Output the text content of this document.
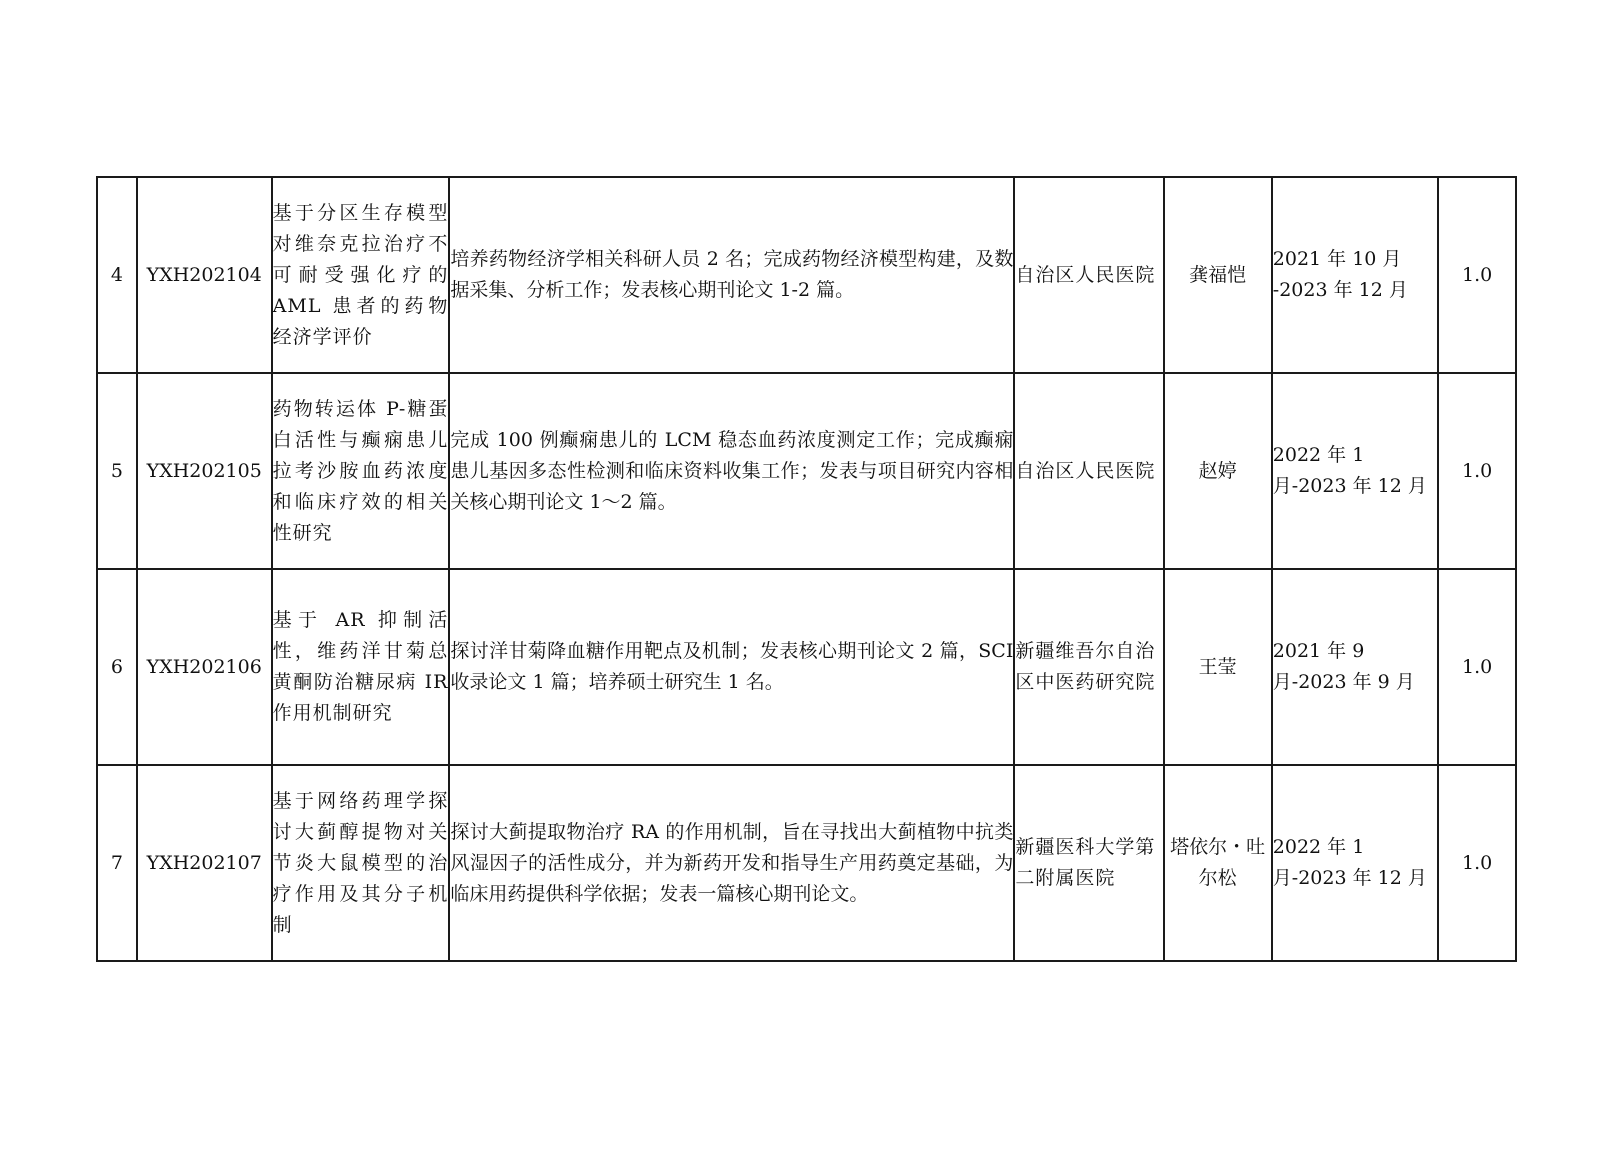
4	YXH202104	基于分区生存模型对维奈克拉治疗不可耐受强化疗的 AML 患者的药物经济学评价	培养药物经济学相关科研人员 2 名；完成药物经济模型构建，及数据采集、分析工作；发表核心期刊论文 1-2 篇。	自治区人民医院	龚福恺	2021 年 10 月 -2023 年 12 月	1.0
5	YXH202105	药物转运体 P-糖蛋白活性与癫痫患儿拉考沙胺血药浓度和临床疗效的相关性研究	完成 100 例癫痫患儿的 LCM 稳态血药浓度测定工作；完成癫痫患儿基因多态性检测和临床资料收集工作；发表与项目研究内容相关核心期刊论文 1～2 篇。	自治区人民医院	赵婷	2022 年 1 月-2023 年 12 月	1.0
6	YXH202106	基于 AR 抑制活性，维药洋甘菊总黄酮防治糖尿病 IR 作用机制研究	探讨洋甘菊降血糖作用靶点及机制；发表核心期刊论文 2 篇，SCI 收录论文 1 篇；培养硕士研究生 1 名。	新疆维吾尔自治区中医药研究院	王莹	2021 年 9 月-2023 年 9 月	1.0
7	YXH202107	基于网络药理学探讨大蓟醇提物对关节炎大鼠模型的治疗作用及其分子机制	探讨大蓟提取物治疗 RA 的作用机制，旨在寻找出大蓟植物中抗类风湿因子的活性成分，并为新药开发和指导生产用药奠定基础，为临床用药提供科学依据；发表一篇核心期刊论文。	新疆医科大学第二附属医院	塔依尔・吐尔松	2022 年 1 月-2023 年 12 月	1.0
